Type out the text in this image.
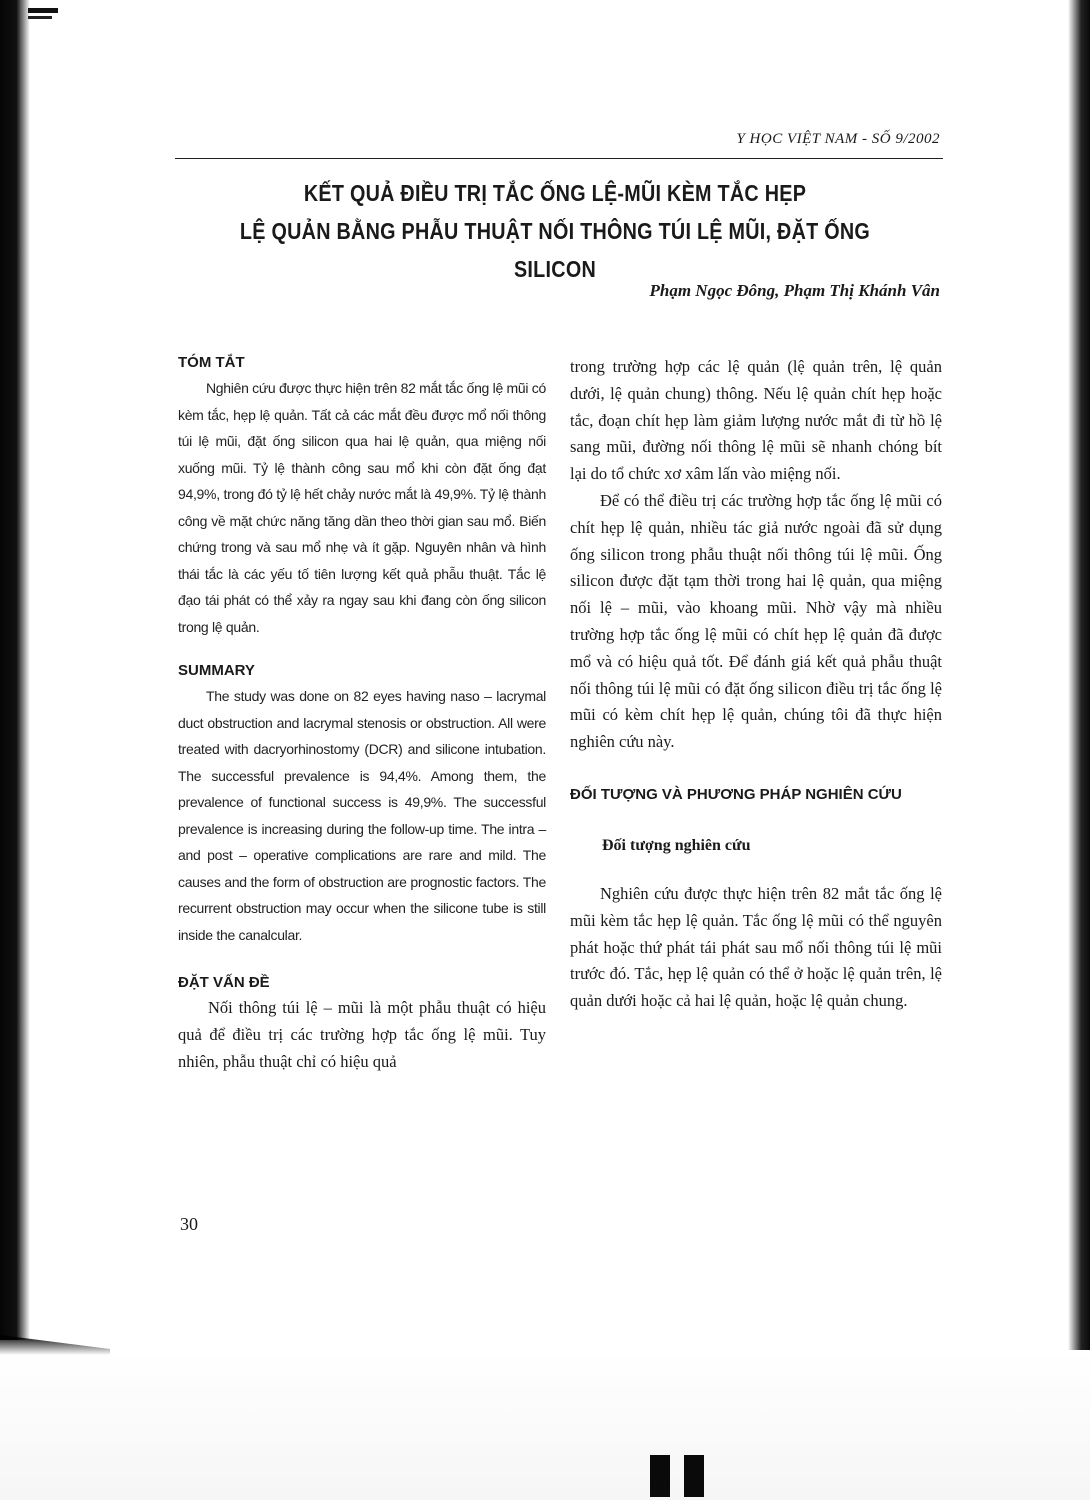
Y HỌC VIỆT NAM - SỐ 9/2002
KẾT QUẢ ĐIỀU TRỊ TẮC ỐNG LỆ-MŨI KÈM TẮC HẸP
LỆ QUẢN BẰNG PHẪU THUẬT NỐI THÔNG TÚI LỆ MŨI, ĐẶT ỐNG SILICON
Phạm Ngọc Đông, Phạm Thị Khánh Vân
TÓM TẮT

Nghiên cứu được thực hiện trên 82 mắt tắc ống lệ mũi có kèm tắc, hẹp lệ quản. Tất cả các mắt đều được mổ nối thông túi lệ mũi, đặt ống silicon qua hai lệ quản, qua miệng nối xuống mũi. Tỷ lệ thành công sau mổ khi còn đặt ống đạt 94,9%, trong đó tỷ lệ hết chảy nước mắt là 49,9%. Tỷ lệ thành công về mặt chức năng tăng dần theo thời gian sau mổ. Biến chứng trong và sau mổ nhẹ và ít gặp. Nguyên nhân và hình thái tắc là các yếu tố tiên lượng kết quả phẫu thuật. Tắc lệ đạo tái phát có thể xảy ra ngay sau khi đang còn ống silicon trong lệ quản.

SUMMARY

The study was done on 82 eyes having naso – lacrymal duct obstruction and lacrymal stenosis or obstruction. All were treated with dacryorhinostomy (DCR) and silicone intubation. The successful prevalence is 94,4%. Among them, the prevalence of functional success is 49,9%. The successful prevalence is increasing during the follow-up time. The intra – and post – operative complications are rare and mild. The causes and the form of obstruction are prognostic factors. The recurrent obstruction may occur when the silicone tube is still inside the canalcular.

ĐẶT VẤN ĐỀ

Nối thông túi lệ – mũi là một phẫu thuật có hiệu quả để điều trị các trường hợp tắc ống lệ mũi. Tuy nhiên, phẫu thuật chỉ có hiệu quả

trong trường hợp các lệ quản (lệ quản trên, lệ quản dưới, lệ quản chung) thông. Nếu lệ quản chít hẹp hoặc tắc, đoạn chít hẹp làm giảm lượng nước mắt đi từ hồ lệ sang mũi, đường nối thông lệ mũi sẽ nhanh chóng bít lại do tổ chức xơ xâm lấn vào miệng nối.

Để có thể điều trị các trường hợp tắc ống lệ mũi có chít hẹp lệ quản, nhiều tác giả nước ngoài đã sử dụng ống silicon trong phẫu thuật nối thông túi lệ mũi. Ống silicon được đặt tạm thời trong hai lệ quản, qua miệng nối lệ – mũi, vào khoang mũi. Nhờ vậy mà nhiều trường hợp tắc ống lệ mũi có chít hẹp lệ quản đã được mổ và có hiệu quả tốt. Để đánh giá kết quả phẫu thuật nối thông túi lệ mũi có đặt ống silicon điều trị tắc ống lệ mũi có kèm chít hẹp lệ quản, chúng tôi đã thực hiện nghiên cứu này.

ĐỐI TƯỢNG VÀ PHƯƠNG PHÁP NGHIÊN CỨU
Đối tượng nghiên cứu

Nghiên cứu được thực hiện trên 82 mắt tắc ống lệ mũi kèm tắc hẹp lệ quản. Tắc ống lệ mũi có thể nguyên phát hoặc thứ phát tái phát sau mổ nối thông túi lệ mũi trước đó. Tắc, hẹp lệ quản có thể ở hoặc lệ quản trên, lệ quản dưới hoặc cả hai lệ quản, hoặc lệ quản chung.

30
